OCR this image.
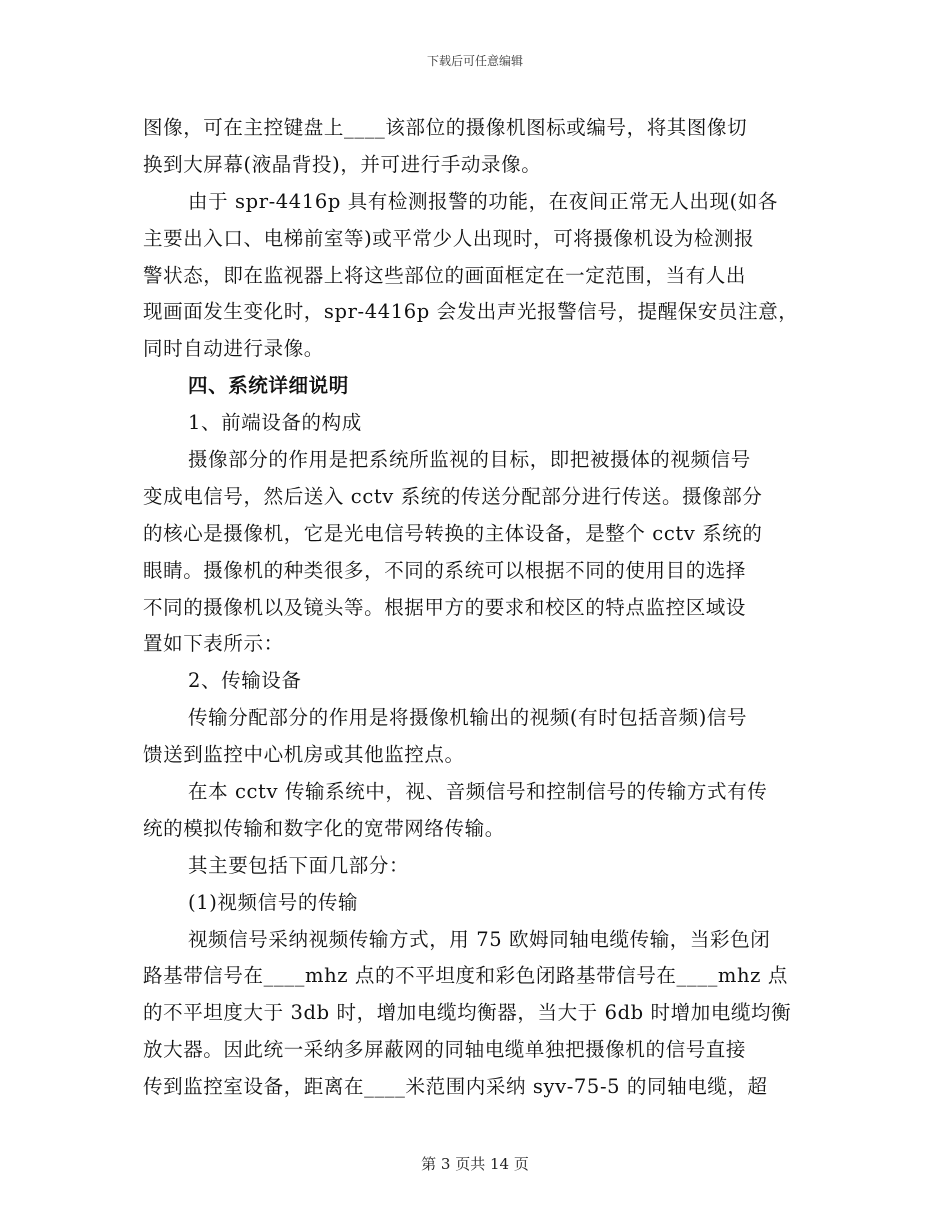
下载后可任意编辑
图像，可在主控键盘上____该部位的摄像机图标或编号，将其图像切
换到大屏幕(液晶背投)，并可进行手动录像。
由于 spr-4416p 具有检测报警的功能，在夜间正常无人出现(如各
主要出入口、电梯前室等)或平常少人出现时，可将摄像机设为检测报
警状态，即在监视器上将这些部位的画面框定在一定范围，当有人出
现画面发生变化时，spr-4416p 会发出声光报警信号，提醒保安员注意，
同时自动进行录像。
四、系统详细说明
1、前端设备的构成
摄像部分的作用是把系统所监视的目标，即把被摄体的视频信号
变成电信号，然后送入 cctv 系统的传送分配部分进行传送。摄像部分
的核心是摄像机，它是光电信号转换的主体设备，是整个 cctv 系统的
眼睛。摄像机的种类很多，不同的系统可以根据不同的使用目的选择
不同的摄像机以及镜头等。根据甲方的要求和校区的特点监控区域设
置如下表所示：
2、传输设备
传输分配部分的作用是将摄像机输出的视频(有时包括音频)信号
馈送到监控中心机房或其他监控点。
在本 cctv 传输系统中，视、音频信号和控制信号的传输方式有传
统的模拟传输和数字化的宽带网络传输。
其主要包括下面几部分：
(1)视频信号的传输
视频信号采纳视频传输方式，用 75 欧姆同轴电缆传输，当彩色闭
路基带信号在____mhz 点的不平坦度和彩色闭路基带信号在____mhz 点
的不平坦度大于 3db 时，增加电缆均衡器，当大于 6db 时增加电缆均衡
放大器。因此统一采纳多屏蔽网的同轴电缆单独把摄像机的信号直接
传到监控室设备，距离在____米范围内采纳 syv-75-5 的同轴电缆，超
第 3 页共 14 页
